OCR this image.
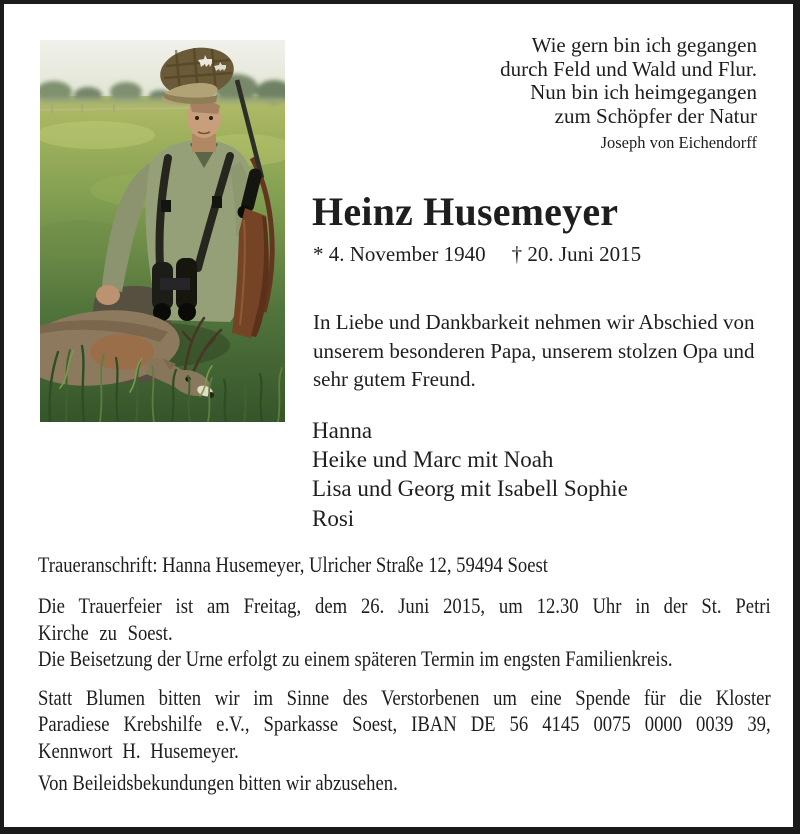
Wie gern bin ich gegangen
durch Feld und Wald und Flur.
Nun bin ich heimgegangen
zum Schöpfer der Natur
Joseph von Eichendorff
Heinz Husemeyer
* 4. November 1940 † 20. Juni 2015

In Liebe und Dankbarkeit nehmen wir Abschied von unserem besonderen Papa, unserem stolzen Opa und sehr gutem Freund.

Hanna
Heike und Marc mit Noah
Lisa und Georg mit Isabell Sophie
Rosi

Traueranschrift: Hanna Husemeyer, Ulricher Straße 12, 59494 Soest

Die Trauerfeier ist am Freitag, dem 26. Juni 2015, um 12.30 Uhr in der St. Petri Kirche zu Soest.

Die Beisetzung der Urne erfolgt zu einem späteren Termin im engsten Familienkreis.

Statt Blumen bitten wir im Sinne des Verstorbenen um eine Spende für die Kloster Paradiese Krebshilfe e.V., Sparkasse Soest, IBAN DE 56 4145 0075 0000 0039 39, Kennwort H. Husemeyer.

Von Beileidsbekundungen bitten wir abzusehen.
